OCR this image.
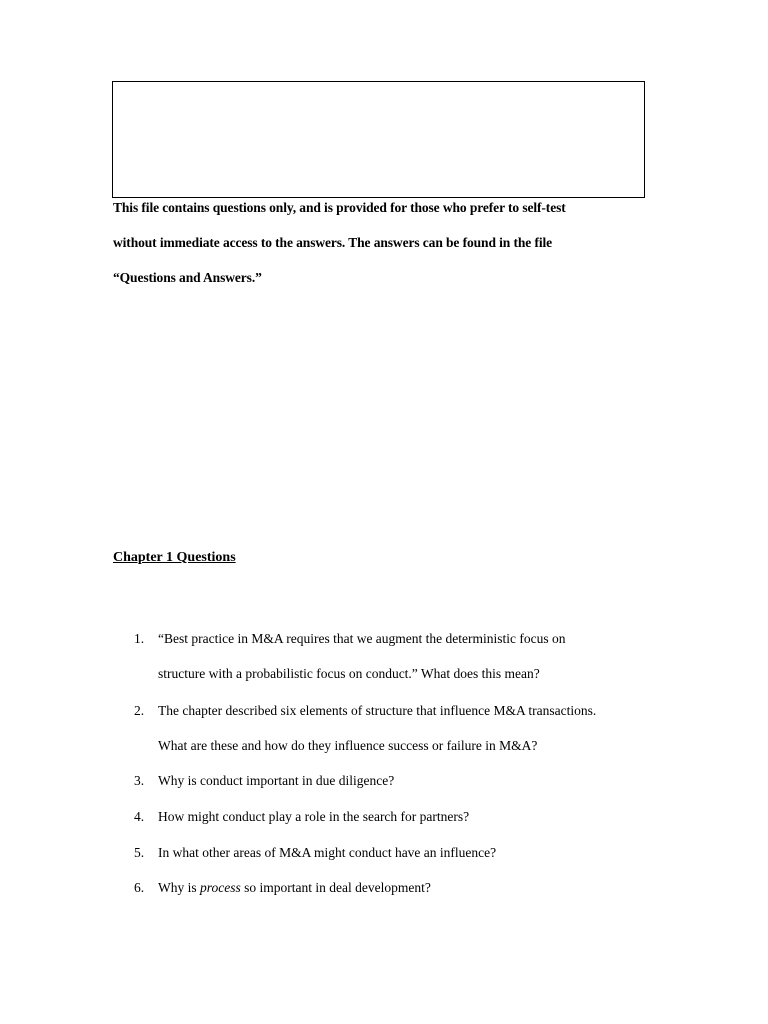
This file contains questions only, and is provided for those who prefer to self-test
without immediate access to the answers. The answers can be found in the file
“Questions and Answers.”
Chapter 1 Questions
1. “Best practice in M&A requires that we augment the deterministic focus on
structure with a probabilistic focus on conduct.” What does this mean?
2. The chapter described six elements of structure that influence M&A transactions.
What are these and how do they influence success or failure in M&A?
3. Why is conduct important in due diligence?
4. How might conduct play a role in the search for partners?
5. In what other areas of M&A might conduct have an influence?
6. Why is process so important in deal development?
